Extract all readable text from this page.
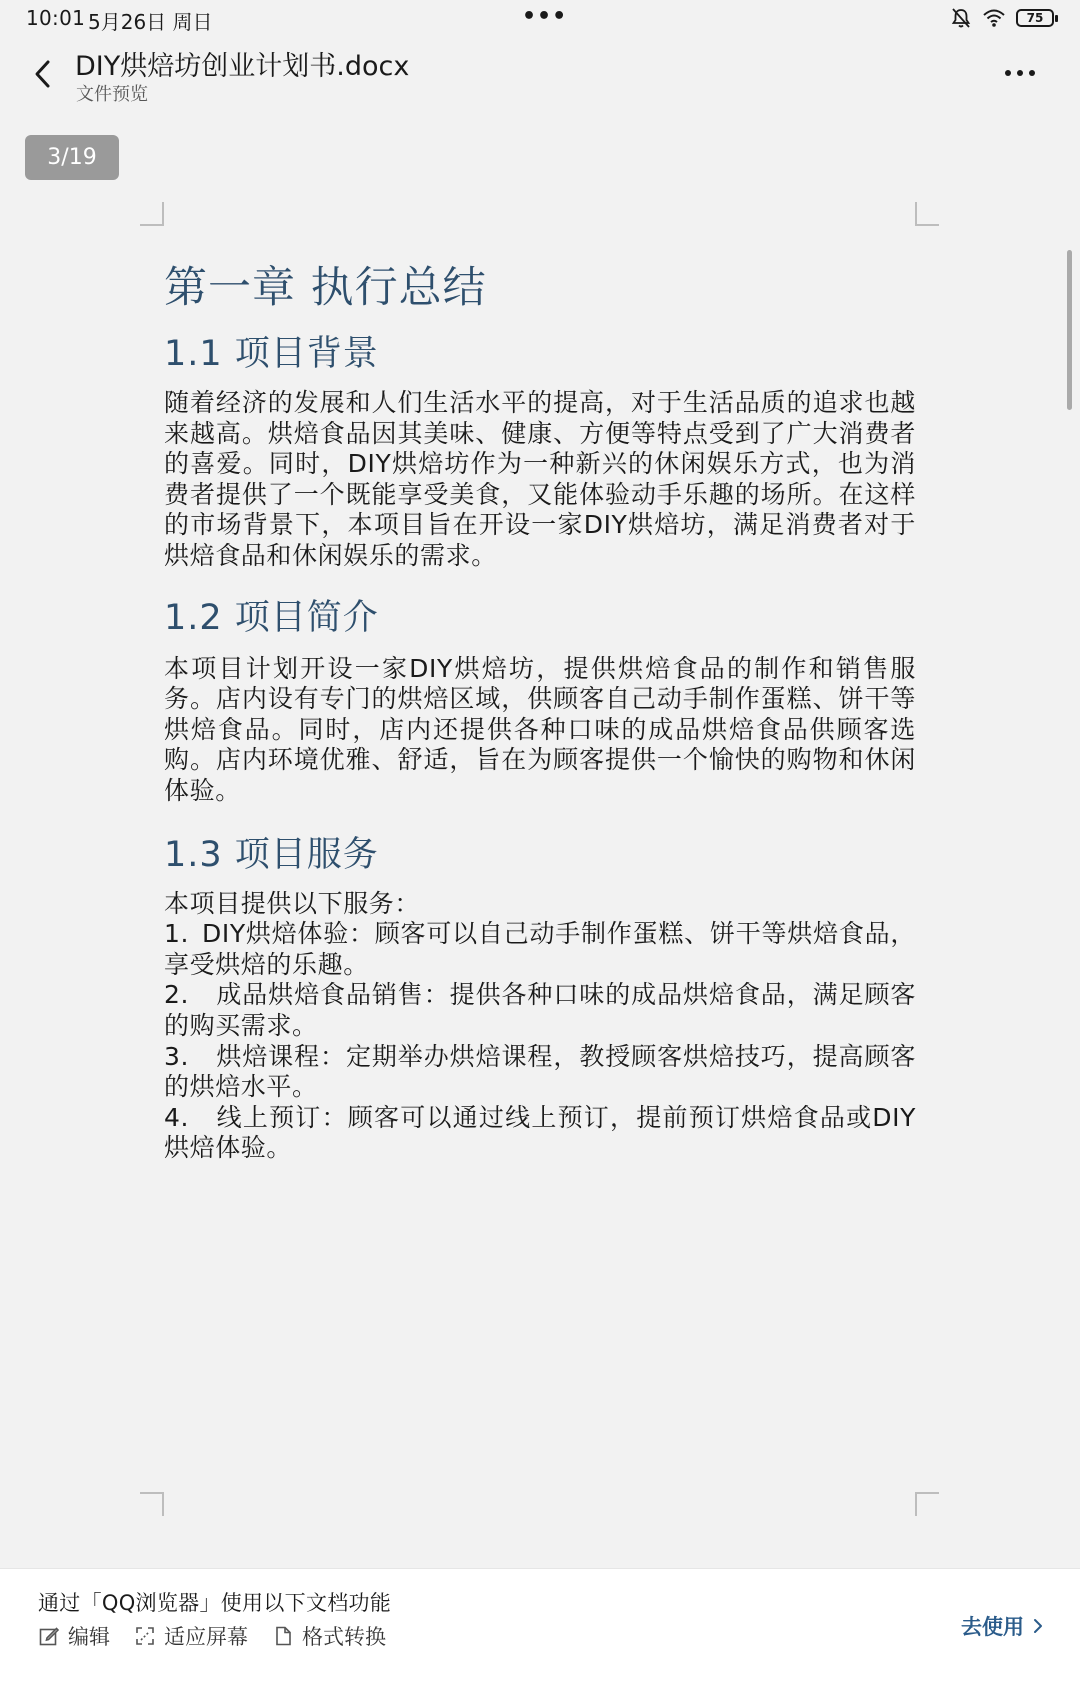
10:01 5月26日 周日	•••	75
DIY烘焙坊创业计划书.docx
文件预览
第一章 执行总结
1.1 项目背景
随着经济的发展和人们生活水平的提高，对于生活品质的追求也越来越高。烘焙食品因其美味、健康、方便等特点受到了广大消费者的喜爱。同时，DIY烘焙坊作为一种新兴的休闲娱乐方式，也为消费者提供了一个既能享受美食，又能体验动手乐趣的场所。在这样的市场背景下，本项目旨在开设一家DIY烘焙坊，满足消费者对于烘焙食品和休闲娱乐的需求。
1.2 项目简介
本项目计划开设一家DIY烘焙坊，提供烘焙食品的制作和销售服务。店内设有专门的烘焙区域，供顾客自己动手制作蛋糕、饼干等烘焙食品。同时，店内还提供各种口味的成品烘焙食品供顾客选购。店内环境优雅、舒适，旨在为顾客提供一个愉快的购物和休闲体验。
1.3 项目服务
本项目提供以下服务：
1. DIY烘焙体验：顾客可以自己动手制作蛋糕、饼干等烘焙食品，享受烘焙的乐趣。
2. 成品烘焙食品销售：提供各种口味的成品烘焙食品，满足顾客的购买需求。
3. 烘焙课程：定期举办烘焙课程，教授顾客烘焙技巧，提高顾客的烘焙水平。
4. 线上预订：顾客可以通过线上预订，提前预订烘焙食品或DIY烘焙体验。
3/19
通过「QQ浏览器」使用以下文档功能
编辑	适应屏幕	格式转换	去使用
